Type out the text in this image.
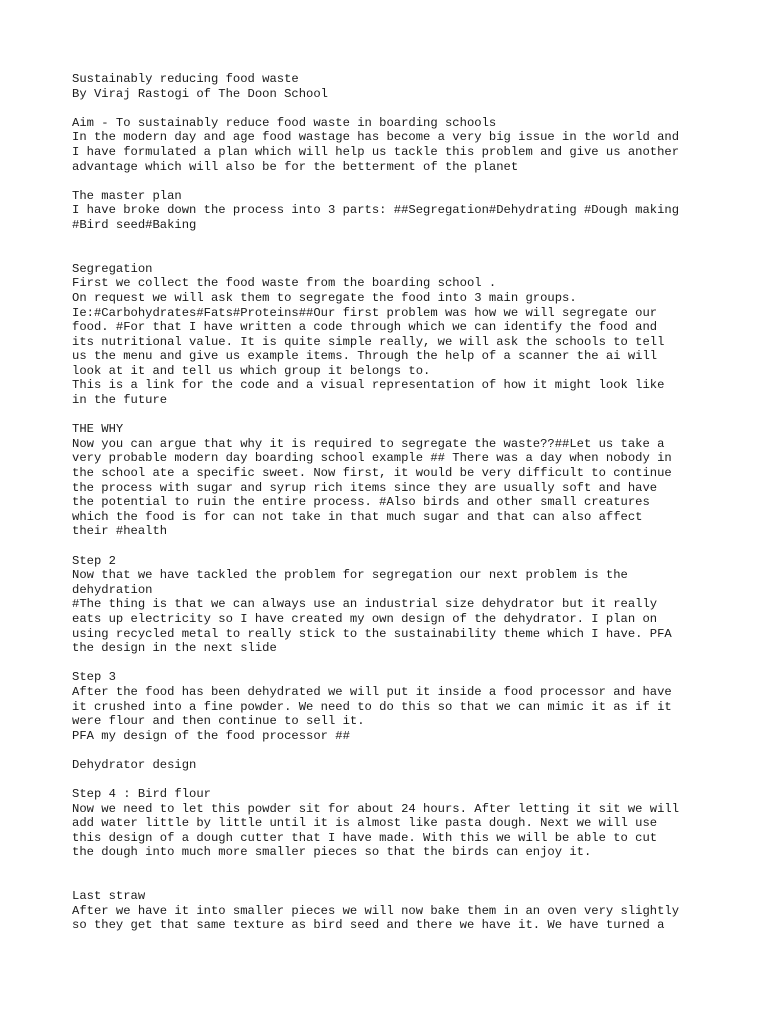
Sustainably reducing food waste
By Viraj Rastogi of The Doon School
Aim - To sustainably reduce food waste in boarding schools
In the modern day and age food wastage has become a very big issue in the world and
I have formulated a plan which will help us tackle this problem and give us another
advantage which will also be for the betterment of the planet
The master plan
I have broke down the process into 3 parts: ##Segregation#Dehydrating #Dough making
#Bird seed#Baking
Segregation
First we collect the food waste from the boarding school .
On request we will ask them to segregate the food into 3 main groups.
Ie:#Carbohydrates#Fats#Proteins##Our first problem was how we will segregate our
food. #For that I have written a code through which we can identify the food and
its nutritional value. It is quite simple really, we will ask the schools to tell
us the menu and give us example items. Through the help of a scanner the ai will
look at it and tell us which group it belongs to.
This is a link for the code and a visual representation of how it might look like
in the future
THE WHY
Now you can argue that why it is required to segregate the waste??##Let us take a
very probable modern day boarding school example ## There was a day when nobody in
the school ate a specific sweet. Now first, it would be very difficult to continue
the process with sugar and syrup rich items since they are usually soft and have
the potential to ruin the entire process. #Also birds and other small creatures
which the food is for can not take in that much sugar and that can also affect
their #health
Step 2
Now that we have tackled the problem for segregation our next problem is the
dehydration
#The thing is that we can always use an industrial size dehydrator but it really
eats up electricity so I have created my own design of the dehydrator. I plan on
using recycled metal to really stick to the sustainability theme which I have. PFA
the design in the next slide
Step 3
After the food has been dehydrated we will put it inside a food processor and have
it crushed into a fine powder. We need to do this so that we can mimic it as if it
were flour and then continue to sell it.
PFA my design of the food processor ##
Dehydrator design
Step 4 : Bird flour
Now we need to let this powder sit for about 24 hours. After letting it sit we will
add water little by little until it is almost like pasta dough. Next we will use
this design of a dough cutter that I have made. With this we will be able to cut
the dough into much more smaller pieces so that the birds can enjoy it.
Last straw
After we have it into smaller pieces we will now bake them in an oven very slightly
so they get that same texture as bird seed and there we have it. We have turned a
